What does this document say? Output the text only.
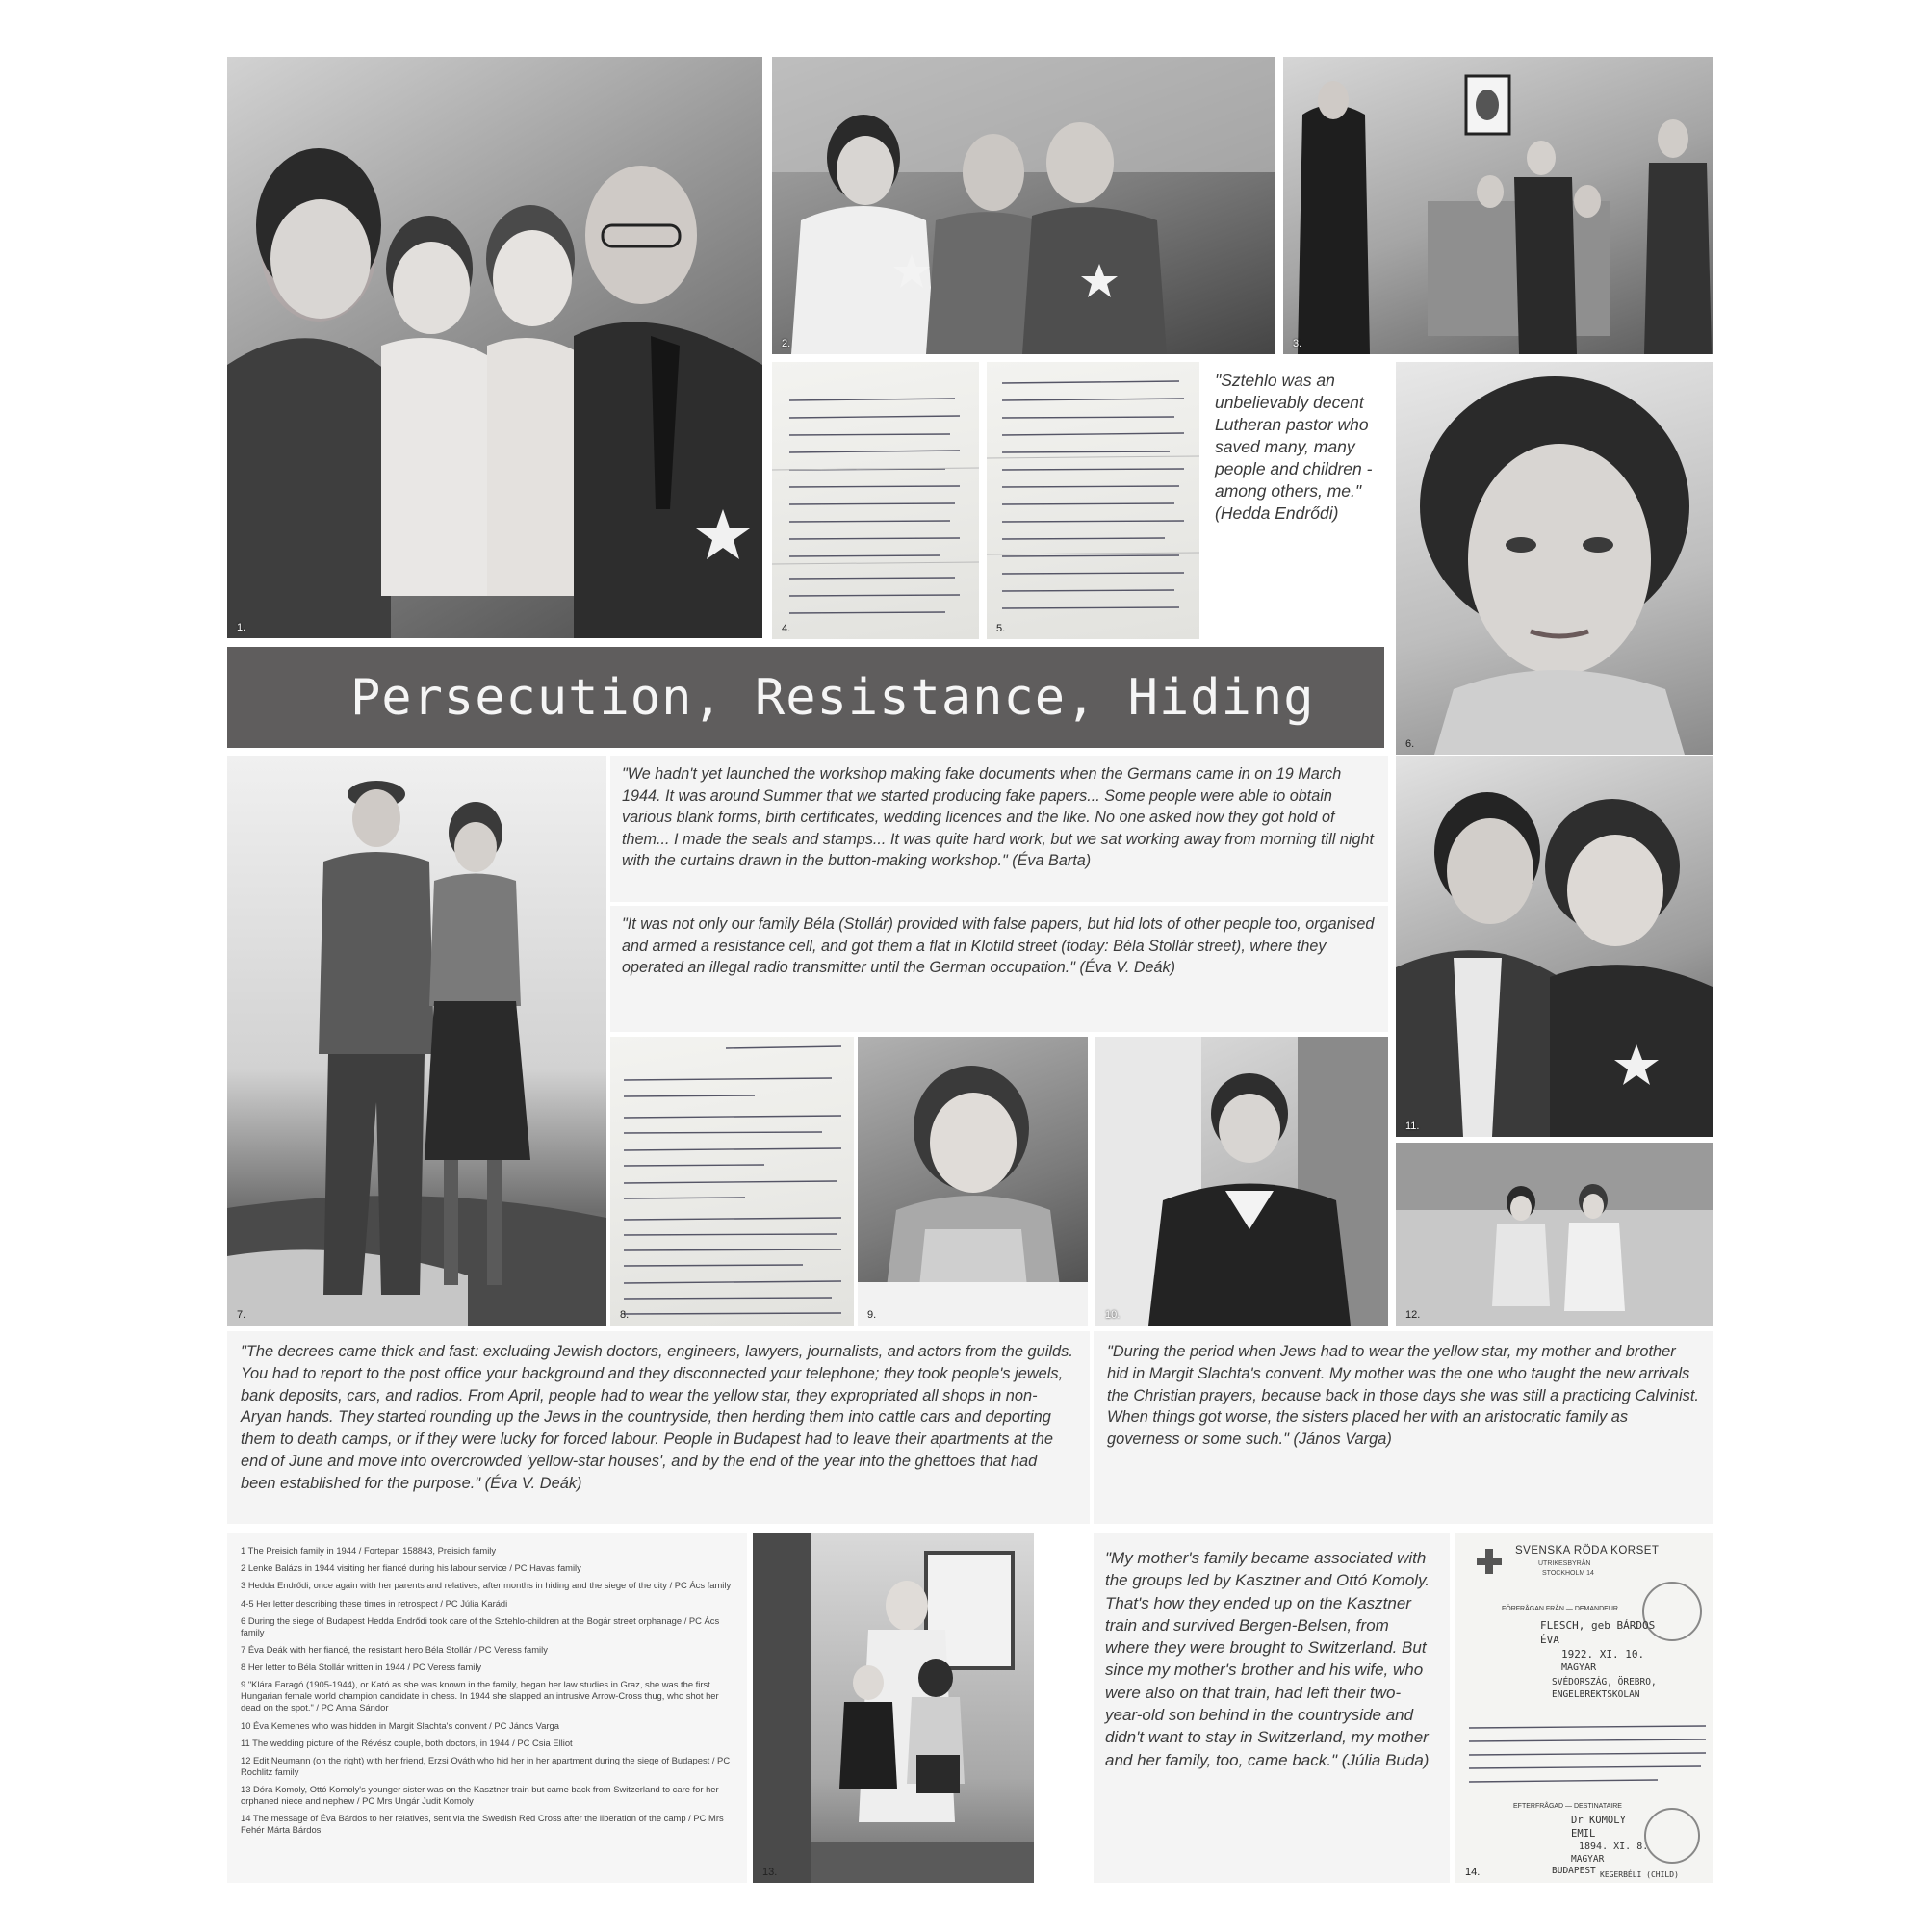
1.
2.	3.
4.	5.
"Sztehlo was an unbelievably decent Lutheran pastor who saved many, many people and children - among others, me." (Hedda Endrődi)
6.
Persecution, Resistance, Hiding
7.
"We hadn't yet launched the workshop making fake documents when the Germans came in on 19 March 1944. It was around Summer that we started producing fake papers... Some people were able to obtain various blank forms, birth certificates, wedding licences and the like. No one asked how they got hold of them... I made the seals and stamps... It was quite hard work, but we sat working away from morning till night with the curtains drawn in the button-making workshop." (Éva Barta)
"It was not only our family Béla (Stollár) provided with false papers, but hid lots of other people too, organised and armed a resistance cell, and got them a flat in Klotild street (today: Béla Stollár street), where they operated an illegal radio transmitter until the German occupation." (Éva V. Deák)
8.	9.	10.
11.
12.
"The decrees came thick and fast: excluding Jewish doctors, engineers, lawyers, journalists, and actors from the guilds. You had to report to the post office your background and they disconnected your telephone; they took people's jewels, bank deposits, cars, and radios. From April, people had to wear the yellow star, they expropriated all shops in non-Aryan hands. They started rounding up the Jews in the countryside, then herding them into cattle cars and deporting them to death camps, or if they were lucky for forced labour. People in Budapest had to leave their apartments at the end of June and move into overcrowded 'yellow-star houses', and by the end of the year into the ghettoes that had been established for the purpose." (Éva V. Deák)
"During the period when Jews had to wear the yellow star, my mother and brother hid in Margit Slachta's convent. My mother was the one who taught the new arrivals the Christian prayers, because back in those days she was still a practicing Calvinist. When things got worse, the sisters placed her with an aristocratic family as governess or some such." (János Varga)
1 The Preisich family in 1944 / Fortepan 158843, Preisich family
2 Lenke Balázs in 1944 visiting her fiancé during his labour service / PC Havas family
3 Hedda Endrődi, once again with her parents and relatives, after months in hiding and the siege of the city / PC Ács family
4-5 Her letter describing these times in retrospect / PC Júlia Karádi
6 During the siege of Budapest Hedda Endrődi took care of the Sztehlo-children at the Bogár street orphanage / PC Ács family
7 Éva Deák with her fiancé, the resistant hero Béla Stollár / PC Veress family
8 Her letter to Béla Stollár written in 1944 / PC Veress family
9 "Klára Faragó (1905-1944), or Kató as she was known in the family, began her law studies in Graz, she was the first Hungarian female world champion candidate in chess. In 1944 she slapped an intrusive Arrow-Cross thug, who shot her dead on the spot." / PC Anna Sándor
10 Éva Kemenes who was hidden in Margit Slachta's convent / PC János Varga
11 The wedding picture of the Révész couple, both doctors, in 1944 / PC Csia Elliot
12 Edit Neumann (on the right) with her friend, Erzsi Ováth who hid her in her apartment during the siege of Budapest / PC Rochlitz family
13 Dóra Komoly, Ottó Komoly's younger sister was on the Kasztner train but came back from Switzerland to care for her orphaned niece and nephew / PC Mrs Ungár Judit Komoly
14 The message of Éva Bárdos to her relatives, sent via the Swedish Red Cross after the liberation of the camp / PC Mrs Fehér Márta Bárdos
13.
"My mother's family became associated with the groups led by Kasztner and Ottó Komoly. That's how they ended up on the Kasztner train and survived Bergen-Belsen, from where they were brought to Switzerland. But since my mother's brother and his wife, who were also on that train, had left their two-year-old son behind in the countryside and didn't want to stay in Switzerland, my mother and her family, too, came back." (Júlia Buda)
SVENSKA RÖDA KORSET
UTRIKESBYRÅN
STOCKHOLM 14
FÖRFRÅGAN FRÅN — DEMANDEUR
FLESCH, geb BÁRDOS
ÉVA
1922. XI. 10.
MAGYAR
SVÉDORSZÁG, ÖREBRO, ENGELBREKTSKOLAN
EFTERFRÅGAD — DESTINATAIRE
Dr KOMOLY
EMIL
1894. XI. 8.
MAGYAR
BUDAPEST KEGERBÉLI (CHILD)
14.
